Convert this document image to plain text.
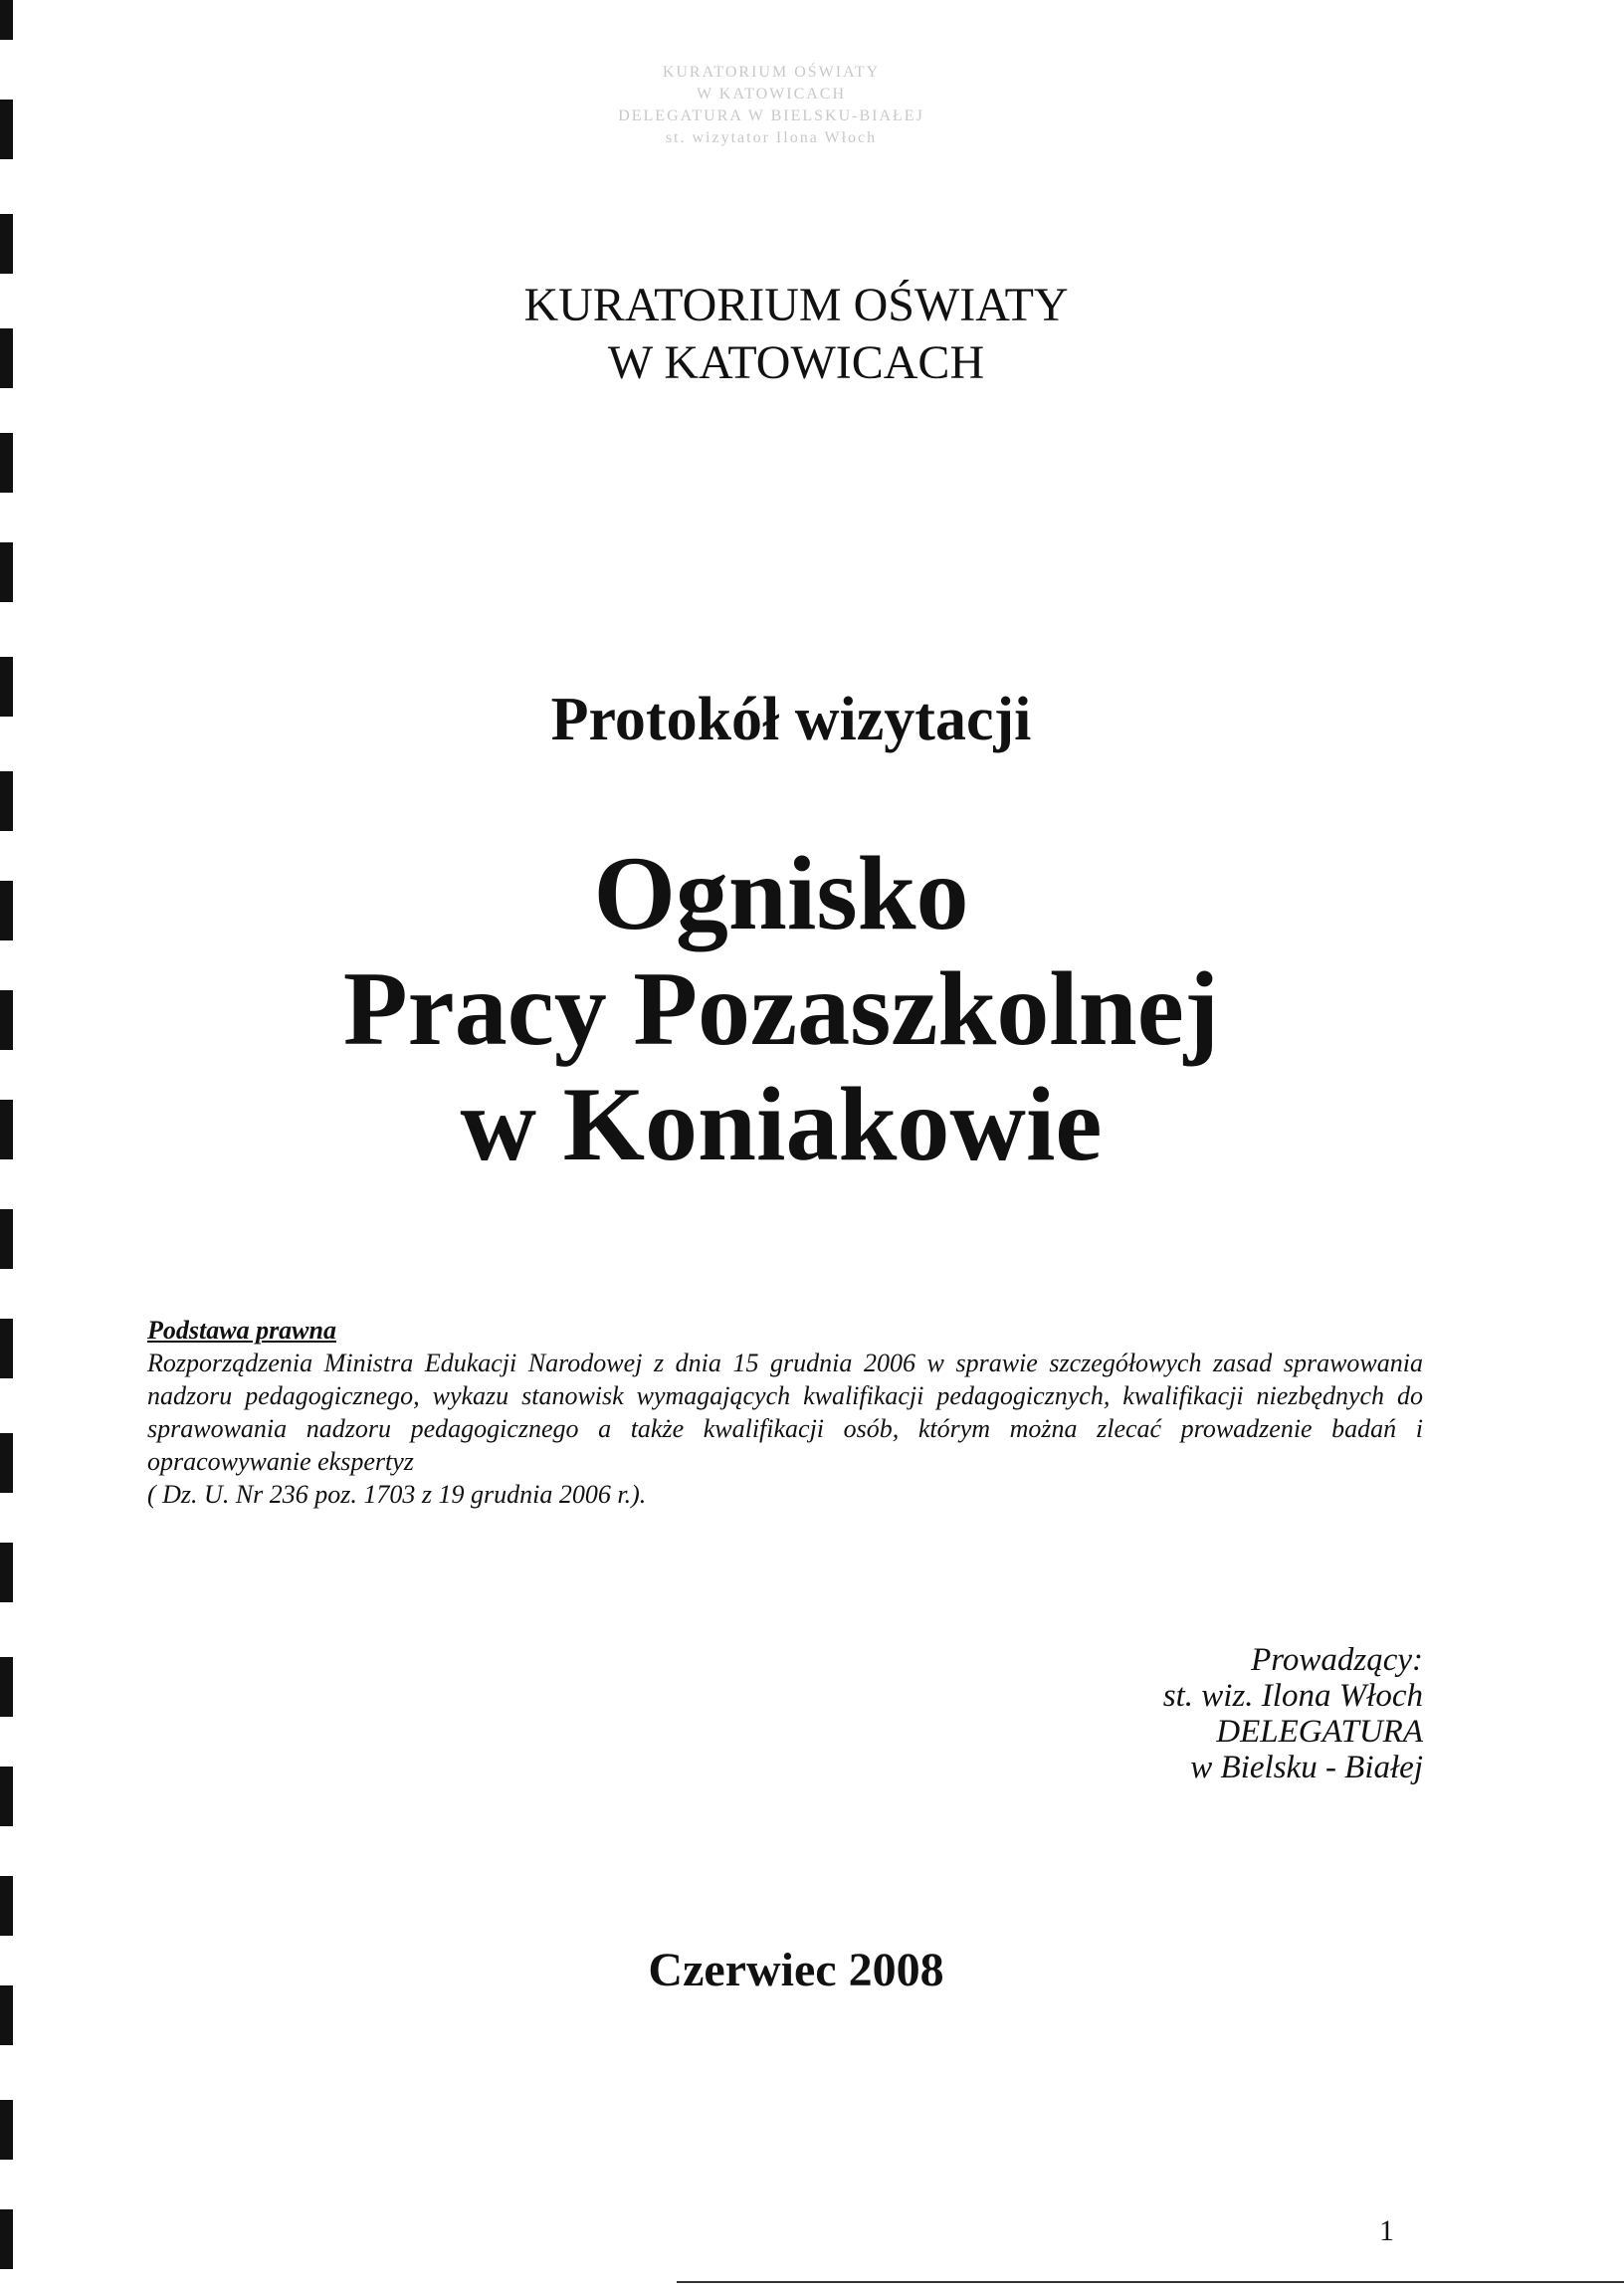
KURATORIUM OŚWIATY
W KATOWICACH
DELEGATURA W BIELSKU-BIAŁEJ
st. wizytator Ilona Włoch
KURATORIUM OŚWIATY
W KATOWICACH
Protokół wizytacji
Ognisko
Pracy Pozaszkolnej
w Koniakowie
Podstawa prawna
Rozporządzenia Ministra Edukacji Narodowej z dnia 15 grudnia 2006 w sprawie szczegółowych zasad sprawowania nadzoru pedagogicznego, wykazu stanowisk wymagających kwalifikacji pedagogicznych, kwalifikacji niezbędnych do sprawowania nadzoru pedagogicznego a także kwalifikacji osób, którym można zlecać prowadzenie badań i opracowywanie ekspertyz
( Dz. U. Nr 236 poz. 1703 z 19 grudnia 2006 r.).
Prowadzący:
st. wiz. Ilona Włoch
DELEGATURA
w Bielsku - Białej
Czerwiec 2008
1
